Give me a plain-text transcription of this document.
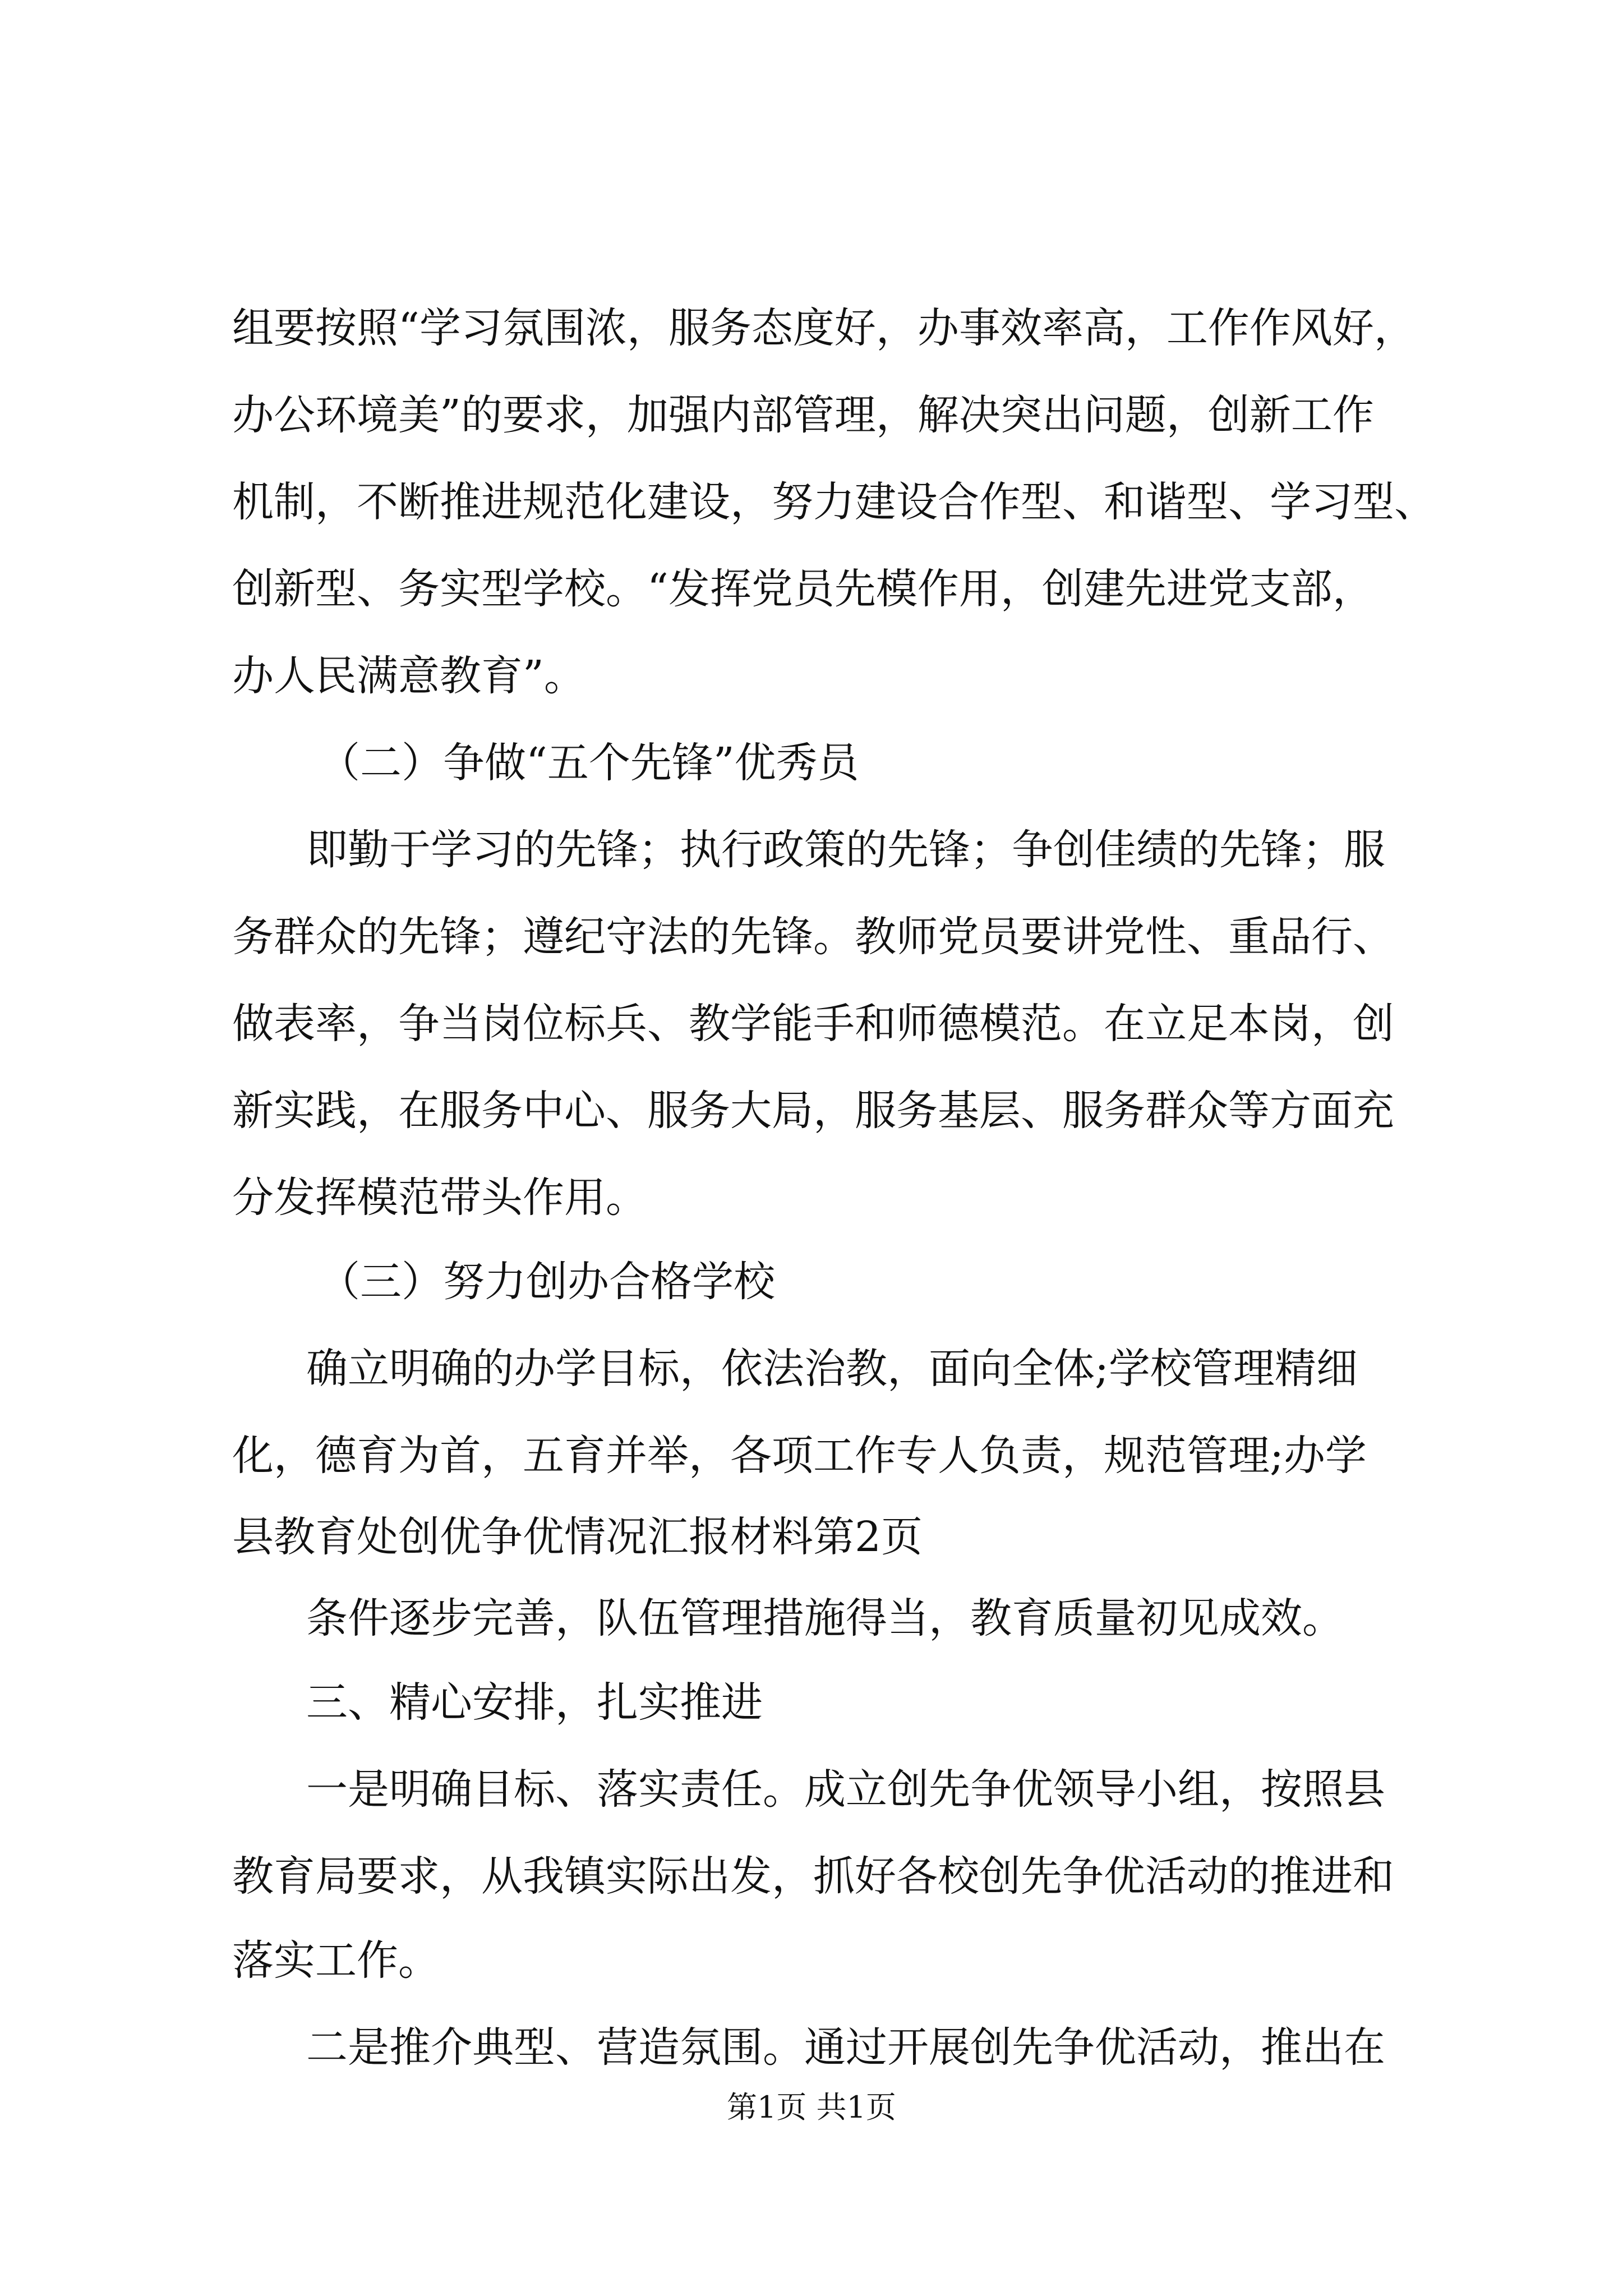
组要按照“学习氛围浓，服务态度好，办事效率高，工作作风好，
办公环境美”的要求，加强内部管理，解决突出问题，创新工作
机制，不断推进规范化建设，努力建设合作型、和谐型、学习型、
创新型、务实型学校。“发挥党员先模作用，创建先进党支部，
办人民满意教育”。
（二）争做“五个先锋”优秀员
即勤于学习的先锋；执行政策的先锋；争创佳绩的先锋；服
务群众的先锋；遵纪守法的先锋。教师党员要讲党性、重品行、
做表率，争当岗位标兵、教学能手和师德模范。在立足本岗，创
新实践，在服务中心、服务大局，服务基层、服务群众等方面充
分发挥模范带头作用。
（三）努力创办合格学校
确立明确的办学目标，依法治教，面向全体;学校管理精细
化，德育为首，五育并举，各项工作专人负责，规范管理;办学
县教育处创优争优情况汇报材料第2页
条件逐步完善，队伍管理措施得当，教育质量初见成效。
三、精心安排，扎实推进
一是明确目标、落实责任。成立创先争优领导小组，按照县
教育局要求，从我镇实际出发，抓好各校创先争优活动的推进和
落实工作。
二是推介典型、营造氛围。通过开展创先争优活动，推出在
第1页 共1页
